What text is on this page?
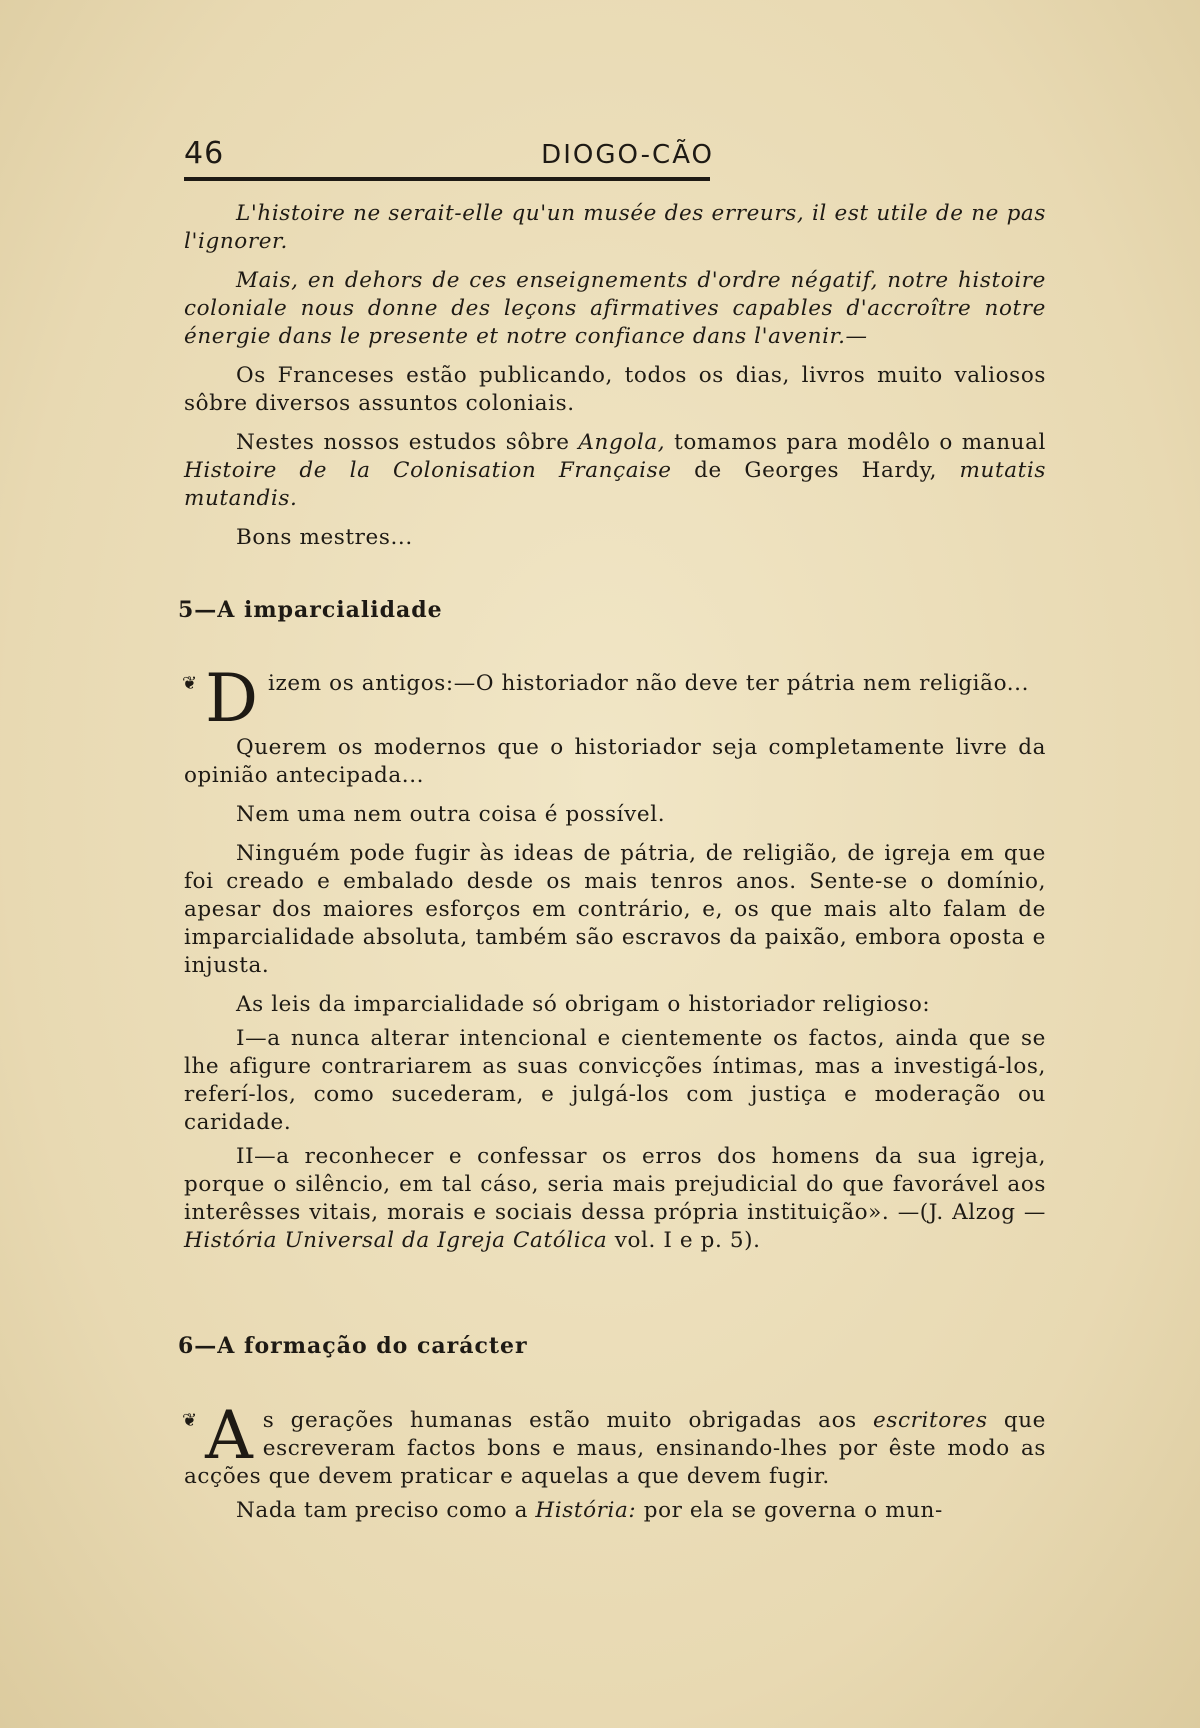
46	DIOGO-CÃO

L'histoire ne serait-elle qu'un musée des erreurs, il est utile de ne pas l'ignorer.

Mais, en dehors de ces enseignements d'ordre négatif, notre histoire coloniale nous donne des leçons afirmatives capables d'accroître notre énergie dans le presente et notre confiance dans l'avenir.—

Os Franceses estão publicando, todos os dias, livros muito valiosos sôbre diversos assuntos coloniais.

Nestes nossos estudos sôbre Angola, tomamos para modêlo o manual Histoire de la Colonisation Française de Georges Hardy, mutatis mutandis.

Bons mestres...

5—A imparcialidade
❦ D izem os antigos:—O historiador não deve ter pátria nem religião...

Querem os modernos que o historiador seja completamente livre da opinião antecipada...

Nem uma nem outra coisa é possível.

Ninguém pode fugir às ideas de pátria, de religião, de igreja em que foi creado e embalado desde os mais tenros anos. Sente-se o domínio, apesar dos maiores esforços em contrário, e, os que mais alto falam de imparcialidade absoluta, também são escravos da paixão, embora oposta e injusta.

As leis da imparcialidade só obrigam o historiador religioso:

I—a nunca alterar intencional e cientemente os factos, ainda que se lhe afigure contrariarem as suas convicções íntimas, mas a investigá-los, referí-los, como sucederam, e julgá-los com justiça e moderação ou caridade.

II—a reconhecer e confessar os erros dos homens da sua igreja, porque o silêncio, em tal cáso, seria mais prejudicial do que favorável aos interêsses vitais, morais e sociais dessa própria instituição». —(J. Alzog — História Universal da Igreja Católica vol. I e p. 5).

6—A formação do carácter
❦ A s gerações humanas estão muito obrigadas aos escritores que escreveram factos bons e maus, ensinando-lhes por êste modo as acções que devem praticar e aquelas a que devem fugir.

Nada tam preciso como a História: por ela se governa o mun-
